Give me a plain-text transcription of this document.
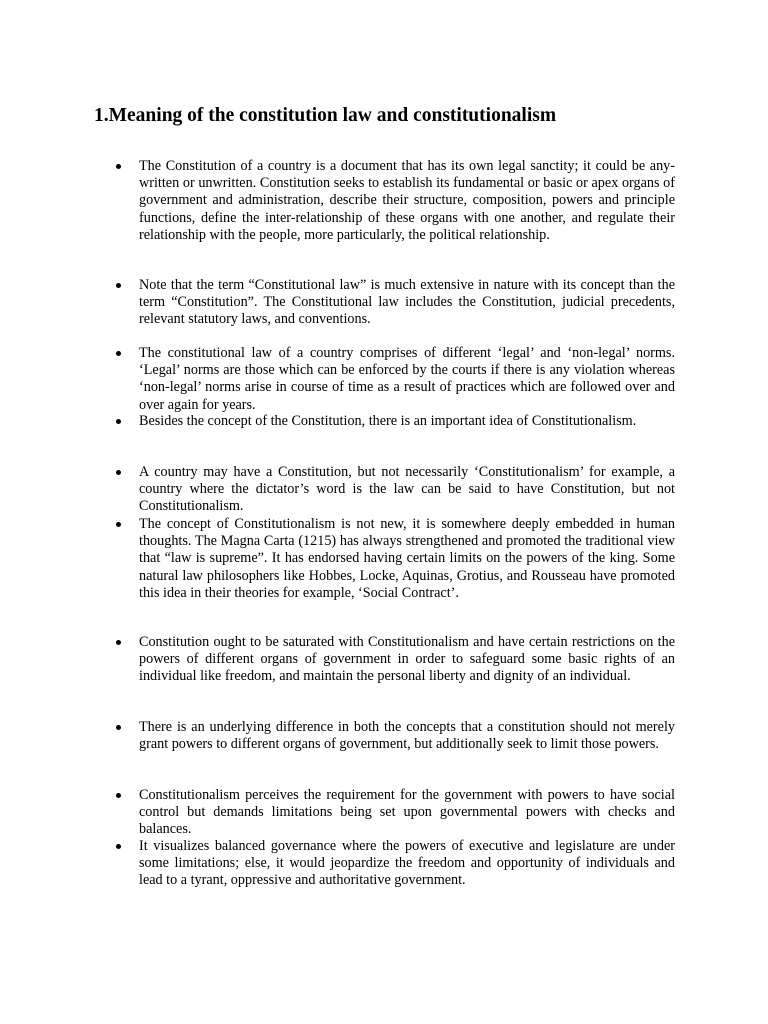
1.Meaning of the constitution law and constitutionalism

The Constitution of a country is a document that has its own legal sanctity; it could be any-written or unwritten. Constitution seeks to establish its fundamental or basic or apex organs of government and administration, describe their structure, composition, powers and principle functions, define the inter-relationship of these organs with one another, and regulate their relationship with the people, more particularly, the political relationship.

Note that the term “Constitutional law” is much extensive in nature with its concept than the term “Constitution”. The Constitutional law includes the Constitution, judicial precedents, relevant statutory laws, and conventions.

The constitutional law of a country comprises of different ‘legal’ and ‘non-legal’ norms. ‘Legal’ norms are those which can be enforced by the courts if there is any violation whereas ‘non-legal’ norms arise in course of time as a result of practices which are followed over and over again for years.

Besides the concept of the Constitution, there is an important idea of Constitutionalism.

A country may have a Constitution, but not necessarily ‘Constitutionalism’ for example, a country where the dictator’s word is the law can be said to have Constitution, but not Constitutionalism.

The concept of Constitutionalism is not new, it is somewhere deeply embedded in human thoughts. The Magna Carta (1215) has always strengthened and promoted the traditional view that “law is supreme”. It has endorsed having certain limits on the powers of the king. Some natural law philosophers like Hobbes, Locke, Aquinas, Grotius, and Rousseau have promoted this idea in their theories for example, ‘Social Contract’.

Constitution ought to be saturated with Constitutionalism and have certain restrictions on the powers of different organs of government in order to safeguard some basic rights of an individual like freedom, and maintain the personal liberty and dignity of an individual.

There is an underlying difference in both the concepts that a constitution should not merely grant powers to different organs of government, but additionally seek to limit those powers.

Constitutionalism perceives the requirement for the government with powers to have social control but demands limitations being set upon governmental powers with checks and balances.

It visualizes balanced governance where the powers of executive and legislature are under some limitations; else, it would jeopardize the freedom and opportunity of individuals and lead to a tyrant, oppressive and authoritative government.
